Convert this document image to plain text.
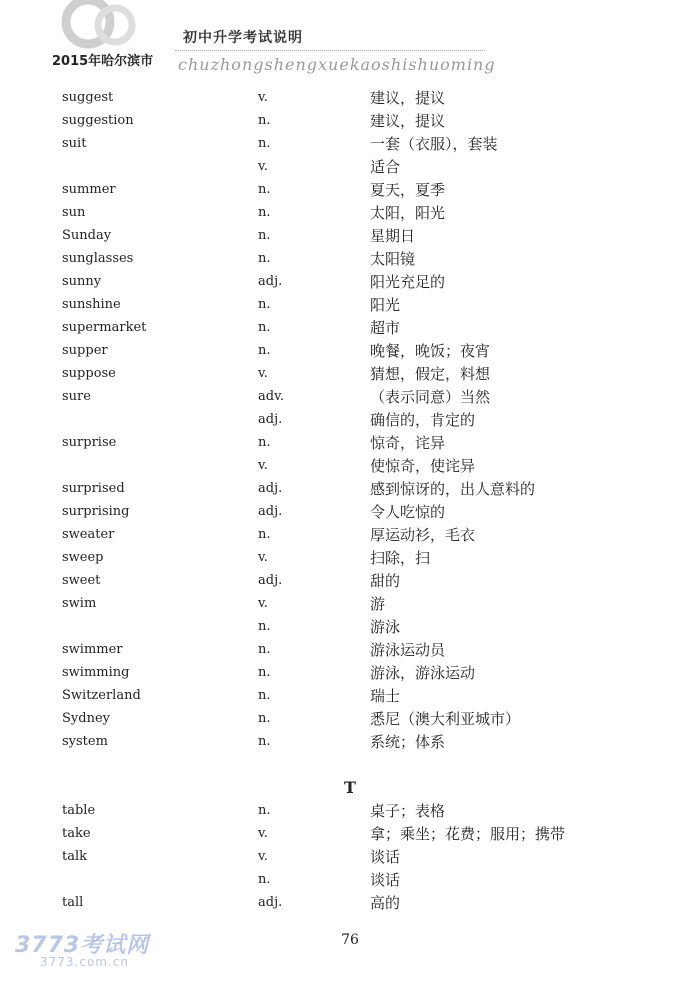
初中升学考试说明
2015年哈尔滨市 chuzhongshengxuekaoshishuoming
suggest	v.	建议，提议
suggestion	n.	建议，提议
suit	n.	一套（衣服），套装
v.	适合
summer	n.	夏天，夏季
sun	n.	太阳，阳光
Sunday	n.	星期日
sunglasses	n.	太阳镜
sunny	adj.	阳光充足的
sunshine	n.	阳光
supermarket	n.	超市
supper	n.	晚餐，晚饭；夜宵
suppose	v.	猜想，假定，料想
sure	adv.	（表示同意）当然
adj.	确信的，肯定的
surprise	n.	惊奇，诧异
v.	使惊奇，使诧异
surprised	adj.	感到惊讶的，出人意料的
surprising	adj.	令人吃惊的
sweater	n.	厚运动衫，毛衣
sweep	v.	扫除，扫
sweet	adj.	甜的
swim	v.	游
n.	游泳
swimmer	n.	游泳运动员
swimming	n.	游泳，游泳运动
Switzerland	n.	瑞士
Sydney	n.	悉尼（澳大利亚城市）
system	n.	系统；体系
T
table	n.	桌子；表格
take	v.	拿；乘坐；花费；服用；携带
talk	v.	谈话
n.	谈话
tall	adj.	高的
3773考试网
3773.com.cn
76
